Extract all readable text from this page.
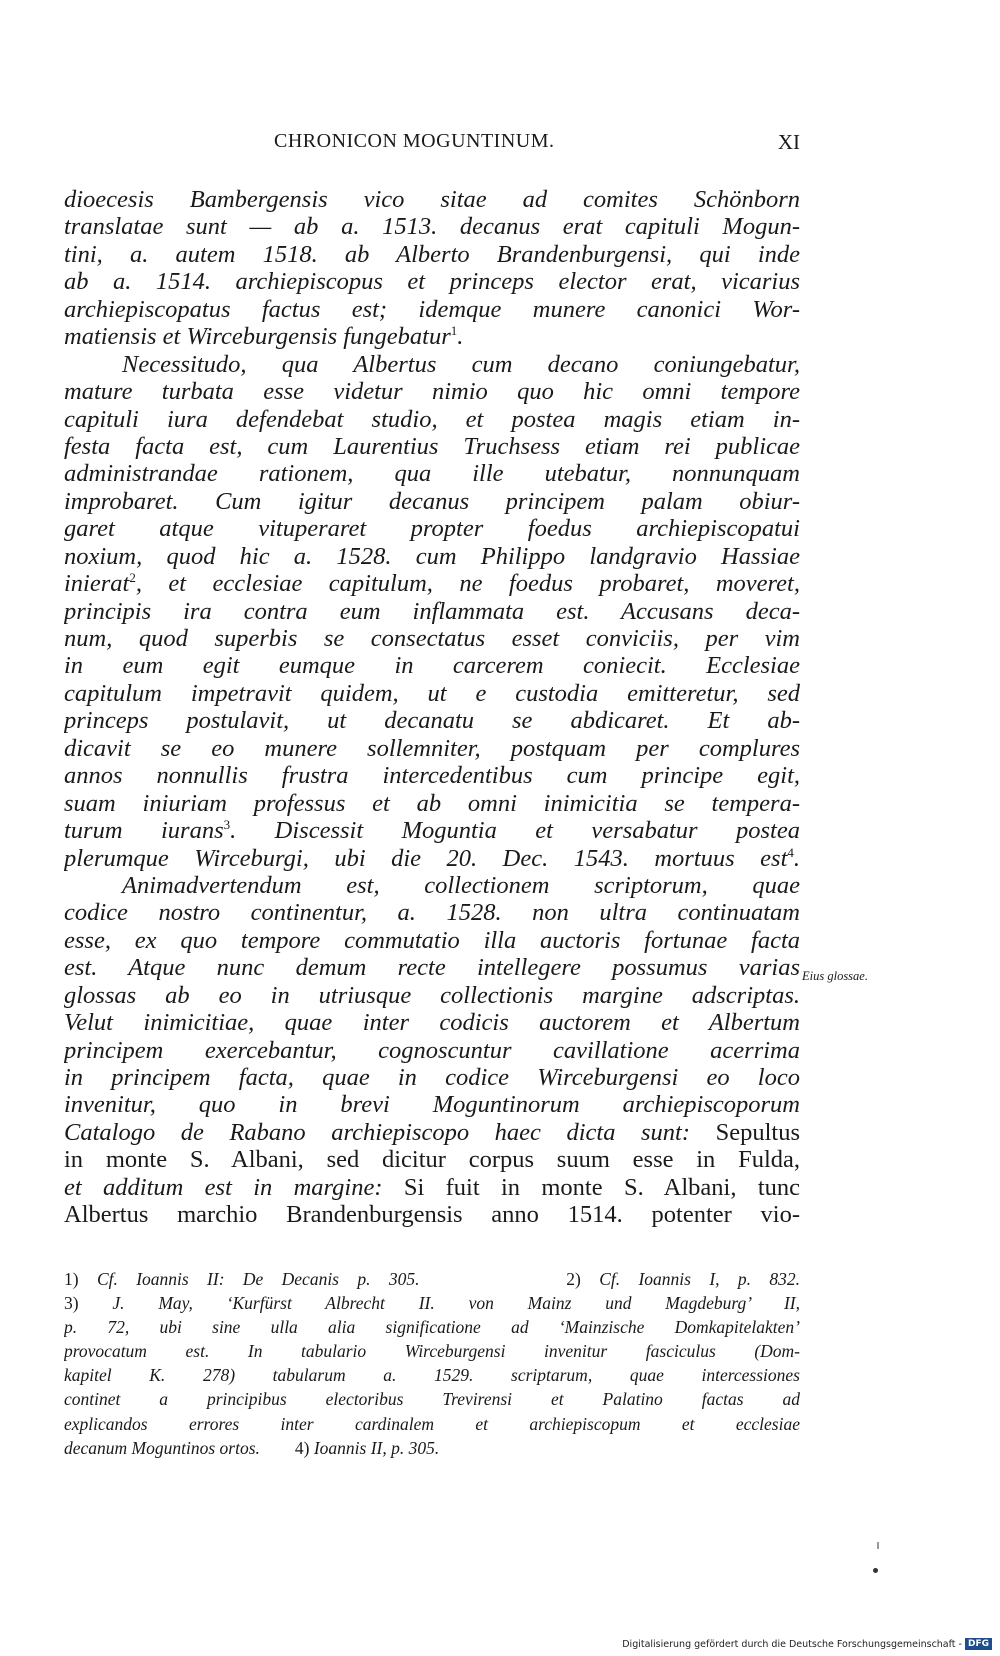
CHRONICON MOGUNTINUM.	XI
dioecesis Bambergensis vico sitae ad comites Schönborn
translatae sunt — ab a. 1513. decanus erat capituli Mogun-
tini, a. autem 1518. ab Alberto Brandenburgensi, qui inde
ab a. 1514. archiepiscopus et princeps elector erat, vicarius
archiepiscopatus factus est; idemque munere canonici Wor-
matiensis et Wirceburgensis fungebatur$^1$.
Necessitudo, qua Albertus cum decano coniungebatur,
mature turbata esse videtur nimio quo hic omni tempore
capituli iura defendebat studio, et postea magis etiam in-
festa facta est, cum Laurentius Truchsess etiam rei publicae
administrandae rationem, qua ille utebatur, nonnunquam
improbaret. Cum igitur decanus principem palam obiur-
garet atque vituperaret propter foedus archiepiscopatui
noxium, quod hic a. 1528. cum Philippo landgravio Hassiae
inierat$^2$, et ecclesiae capitulum, ne foedus probaret, moveret,
principis ira contra eum inflammata est. Accusans deca-
num, quod superbis se consectatus esset conviciis, per vim
in eum egit eumque in carcerem coniecit. Ecclesiae
capitulum impetravit quidem, ut e custodia emitteretur, sed
princeps postulavit, ut decanatu se abdicaret. Et ab-
dicavit se eo munere sollemniter, postquam per complures
annos nonnullis frustra intercedentibus cum principe egit,
suam iniuriam professus et ab omni inimicitia se tempera-
turum iurans$^3$. Discessit Moguntia et versabatur postea
plerumque Wirceburgi, ubi die 20. Dec. 1543. mortuus est$^4$.
Animadvertendum est, collectionem scriptorum, quae
codice nostro continentur, a. 1528. non ultra continuatam
esse, ex quo tempore commutatio illa auctoris fortunae facta
est. Atque nunc demum recte intellegere possumus varias
glossas ab eo in utriusque collectionis margine adscriptas.
Velut inimicitiae, quae inter codicis auctorem et Albertum
principem exercebantur, cognoscuntur cavillatione acerrima
in principem facta, quae in codice Wirceburgensi eo loco
invenitur, quo in brevi Moguntinorum archiepiscoporum
Catalogo de Rabano archiepiscopo haec dicta sunt: Sepultus
in monte S. Albani, sed dicitur corpus suum esse in Fulda,
et additum est in margine: Si fuit in monte S. Albani, tunc
Albertus marchio Brandenburgensis anno 1514. potenter vio-
Eius glossae.
1) Cf. Ioannis II: De Decanis p. 305.	2) Cf. Ioannis I, p. 832.
3) J. May, ‘Kurfürst Albrecht II. von Mainz und Magdeburg’ II,
p. 72, ubi sine ulla alia significatione ad ‘Mainzische Domkapitelakten’
provocatum est. In tabulario Wirceburgensi invenitur fasciculus (Dom-
kapitel K. 278) tabularum a. 1529. scriptarum, quae intercessiones
continet a principibus electoribus Trevirensi et Palatino factas ad
explicandos errores inter cardinalem et archiepiscopum et ecclesiae
decanum Moguntinos ortos. 4) Ioannis II, p. 305.
Digitalisierung gefördert durch die Deutsche Forschungsgemeinschaft - DFG
